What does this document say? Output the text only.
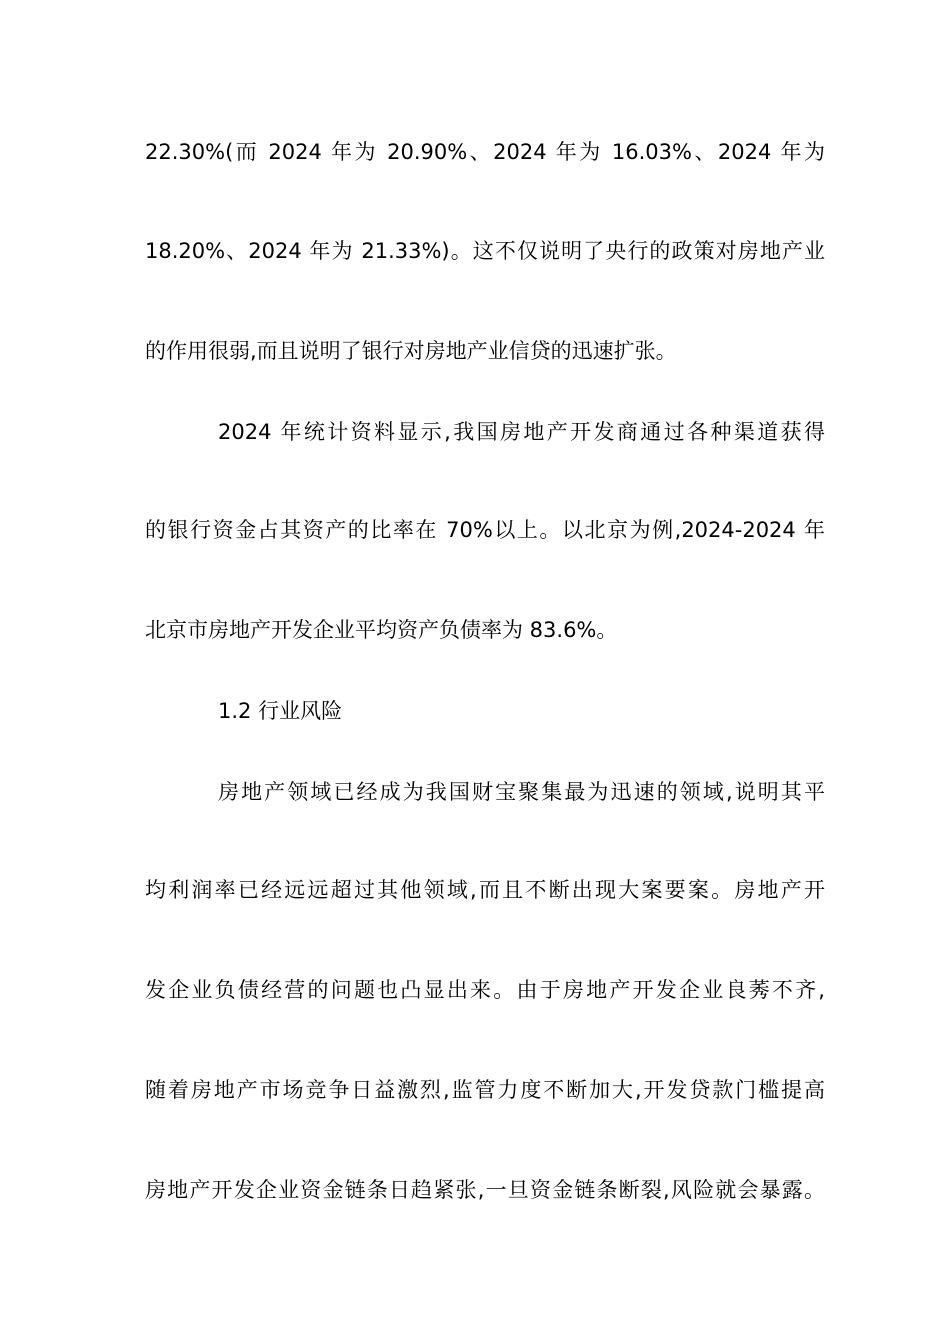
22.30%(而 2024 年为 20.90%、2024 年为 16.03%、2024 年为
18.20%、2024 年为 21.33%)。这不仅说明了央行的政策对房地产业
的作用很弱,而且说明了银行对房地产业信贷的迅速扩张。
2024 年统计资料显示,我国房地产开发商通过各种渠道获得
的银行资金占其资产的比率在 70%以上。以北京为例,2024-2024 年
北京市房地产开发企业平均资产负债率为 83.6%。
1.2 行业风险
房地产领域已经成为我国财宝聚集最为迅速的领域,说明其平
均利润率已经远远超过其他领域,而且不断出现大案要案。房地产开
发企业负债经营的问题也凸显出来。由于房地产开发企业良莠不齐,
随着房地产市场竞争日益激烈,监管力度不断加大,开发贷款门槛提高
房地产开发企业资金链条日趋紧张,一旦资金链条断裂,风险就会暴露。
